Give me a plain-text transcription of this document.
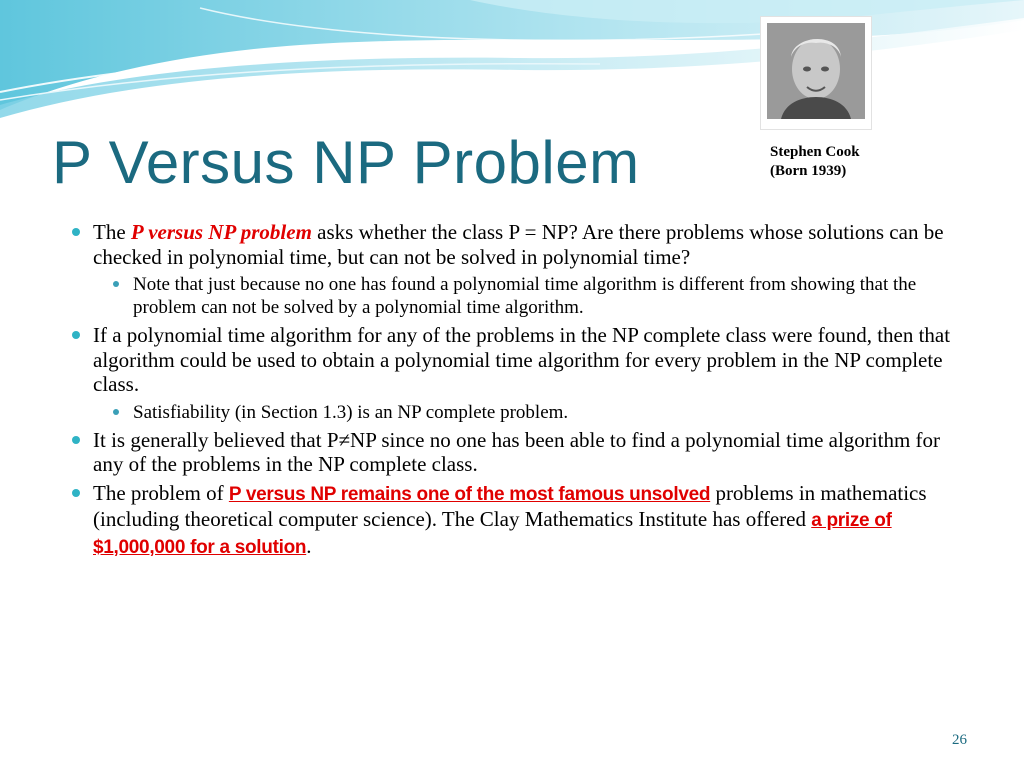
P Versus NP Problem	Stephen Cook
(Born 1939)
The P versus NP problem asks whether the class P = NP? Are there problems whose solutions can be checked in polynomial time, but can not be solved in polynomial time?
Note that just because no one has found a polynomial time algorithm is different from showing that the problem can not be solved by a polynomial time algorithm.
If a polynomial time algorithm for any of the problems in the NP complete class were found, then that algorithm could be used to obtain a polynomial time algorithm for every problem in the NP complete class.
Satisfiability (in Section 1.3) is an NP complete problem.
It is generally believed that P≠NP since no one has been able to find a polynomial time algorithm for any of the problems in the NP complete class.
The problem of P versus NP remains one of the most famous unsolved problems in mathematics (including theoretical computer science). The Clay Mathematics Institute has offered a prize of $1,000,000 for a solution.
26
